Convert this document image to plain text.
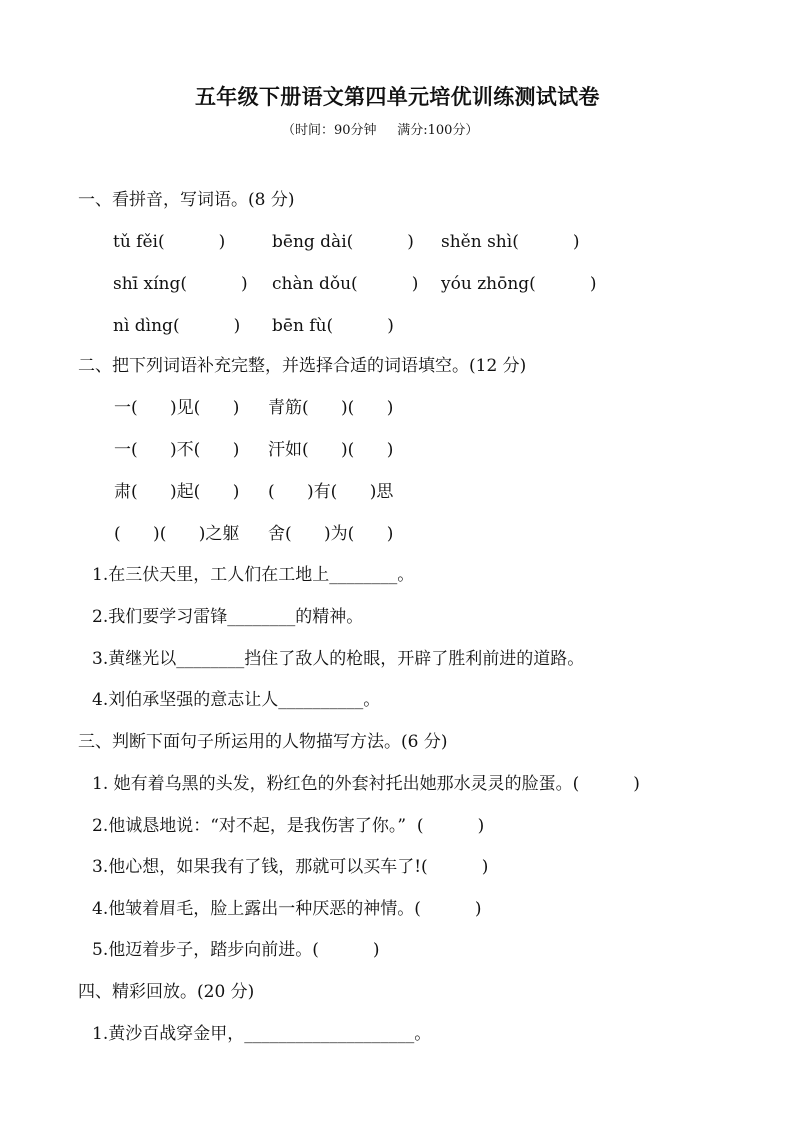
五年级下册语文第四单元培优训练测试试卷
（时间：90分钟     满分:100分）
一、看拼音，写词语。(8 分)
tǔ fěi(          )	bēng dài(          ) shěn shì(          )
shī xíng(          ) chàn dǒu(          ) yóu zhōng(          )
nì dìng(          ) bēn fù(          )
二、把下列词语补充完整，并选择合适的词语填空。(12 分)
一(      )见(      ) 青筋(      )(      )
一(      )不(      ) 汗如(      )(      )
肃(      )起(      ) (      )有(      )思
(      )(      )之躯 舍(      )为(      )
1.在三伏天里，工人们在工地上________。
2.我们要学习雷锋________的精神。
3.黄继光以________挡住了敌人的枪眼，开辟了胜利前进的道路。
4.刘伯承坚强的意志让人__________。
三、判断下面句子所运用的人物描写方法。(6 分)
1. 她有着乌黑的头发，粉红色的外套衬托出她那水灵灵的脸蛋。(          )
2.他诚恳地说：“对不起，是我伤害了你。”  (          )
3.他心想，如果我有了钱，那就可以买车了!(          )
4.他皱着眉毛，脸上露出一种厌恶的神情。(          )
5.他迈着步子，踏步向前进。(          )
四、精彩回放。(20 分)
1.黄沙百战穿金甲，____________________。
